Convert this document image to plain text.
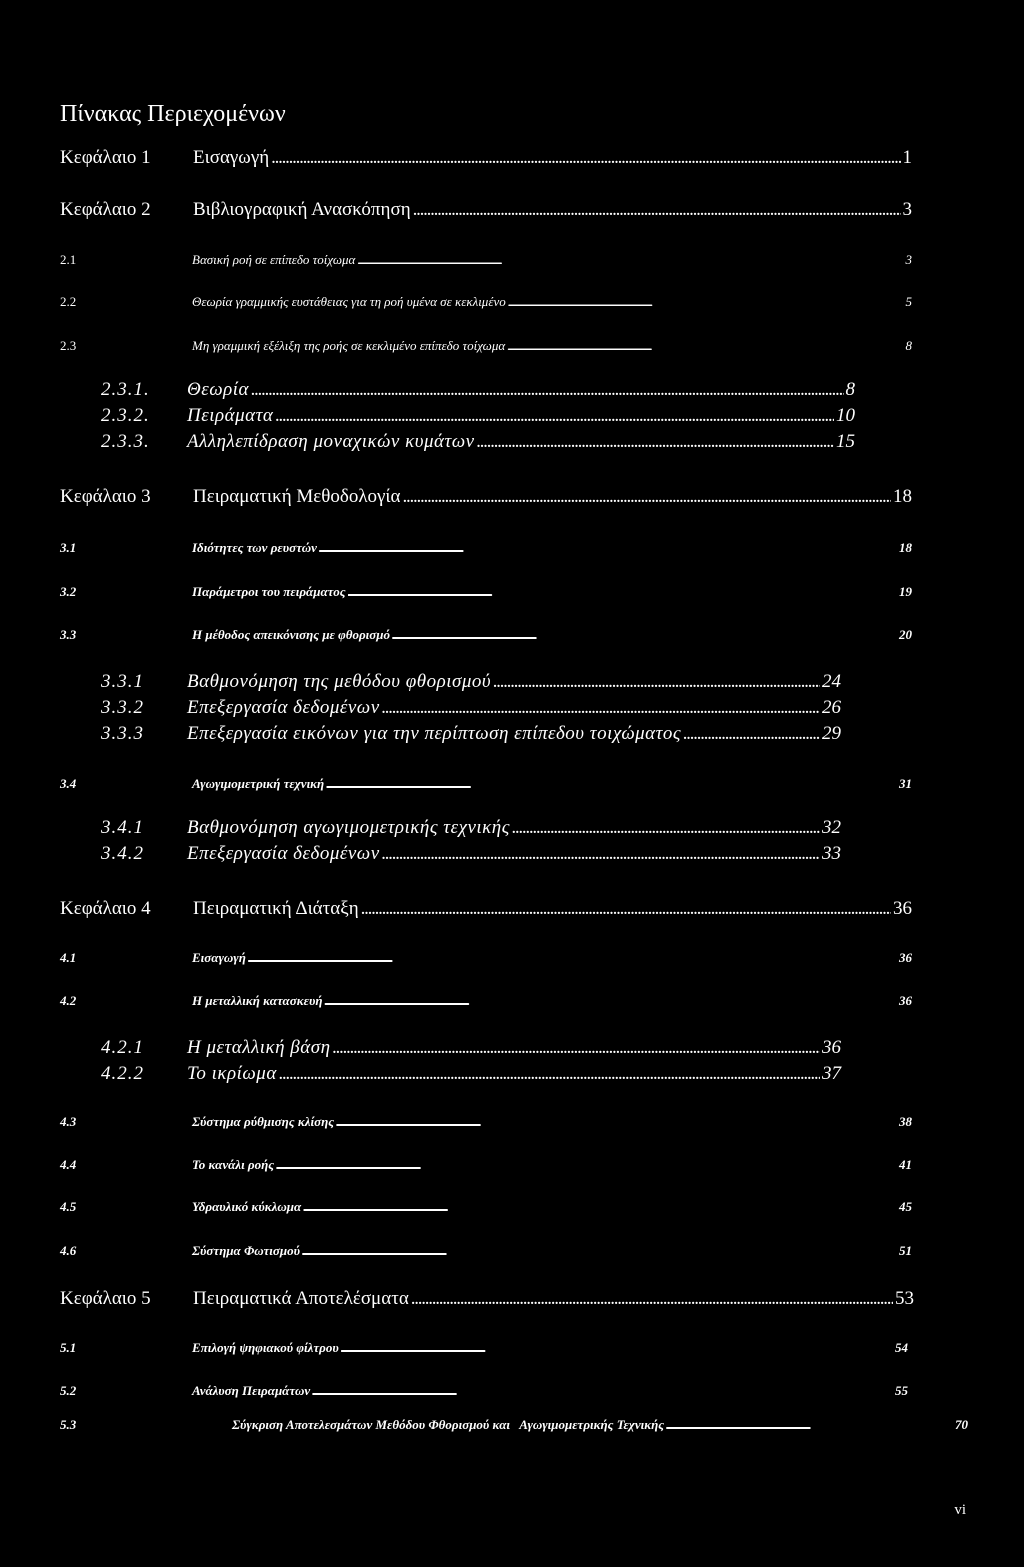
Πίνακας Περιεχομένων
Κεφάλαιο 1	Εισαγωγή . . .	1
Κεφάλαιο 2	Βιβλιογραφική Ανασκόπηση . . .	3
2.1	Βασική ροή σε επίπεδο τοίχωμα . . .	3
2.2	Θεωρία γραμμικής ευστάθειας για τη ροή υμένα σε κεκλιμένο . . .	5
2.3	Μη γραμμική εξέλιξη της ροής σε κεκλιμένο επίπεδο τοίχωμα . . .	8
2.3.1.	Θεωρία . . .	8
2.3.2.	Πειράματα . . .	10
2.3.3.	Αλληλεπίδραση μοναχικών κυμάτων . . .	15
Κεφάλαιο 3	Πειραματική Μεθοδολογία . . .	18
3.1	Ιδιότητες των ρευστών . . .	18
3.2	Παράμετροι του πειράματος . . .	19
3.3	Η μέθοδος απεικόνισης με φθορισμό . . .	20
3.3.1	Βαθμονόμηση της μεθόδου φθορισμού . . .	24
3.3.2	Επεξεργασία δεδομένων . . .	26
3.3.3	Επεξεργασία εικόνων για την περίπτωση επίπεδου τοιχώματος . . .	29
3.4	Αγωγιμομετρική τεχνική . . .	31
3.4.1	Βαθμονόμηση αγωγιμομετρικής τεχνικής . . .	32
3.4.2	Επεξεργασία δεδομένων . . .	33
Κεφάλαιο 4	Πειραματική Διάταξη . . .	36
4.1	Εισαγωγή . . .	36
4.2	Η μεταλλική κατασκευή . . .	36
4.2.1	Η μεταλλική βάση . . .	36
4.2.2	Το ικρίωμα . . .	37
4.3	Σύστημα ρύθμισης κλίσης . . .	38
4.4	Το κανάλι ροής . . .	41
4.5	Υδραυλικό κύκλωμα . . .	45
4.6	Σύστημα Φωτισμού . . .	51
Κεφάλαιο 5	Πειραματικά Αποτελέσματα . . .	53
5.1	Επιλογή ψηφιακού φίλτρου . . .	54
5.2	Ανάλυση Πειραμάτων . . .	55
5.3	Σύγκριση Αποτελεσμάτων Μεθόδου Φθορισμού και   Αγωγιμομετρικής Τεχνικής . . .	70
vi
